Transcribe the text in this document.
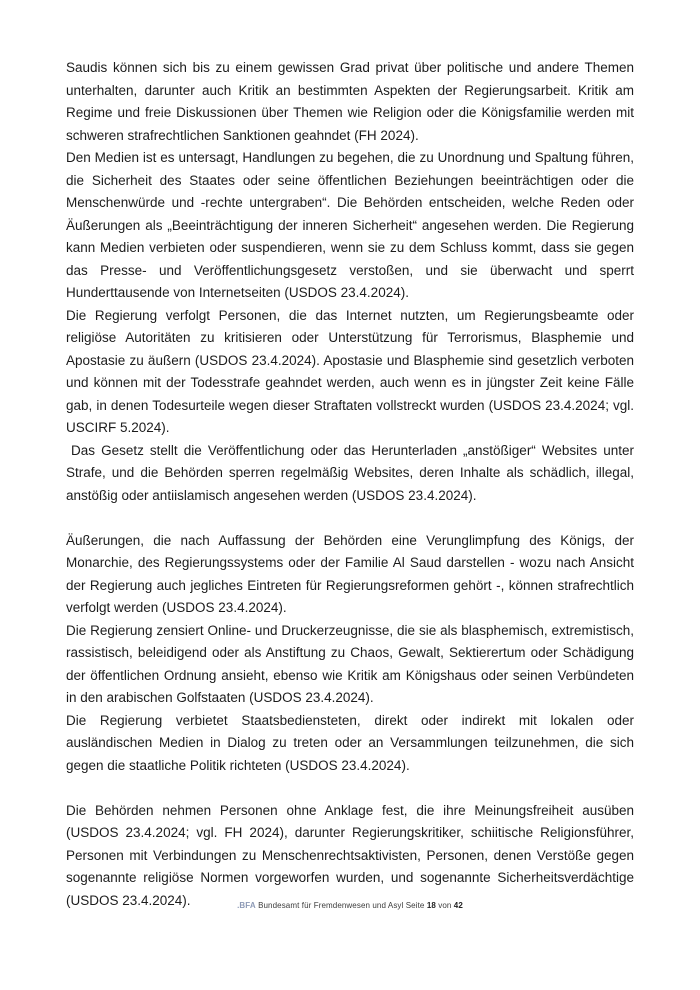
Saudis können sich bis zu einem gewissen Grad privat über politische und andere Themen unterhalten, darunter auch Kritik an bestimmten Aspekten der Regierungsarbeit. Kritik am Regime und freie Diskussionen über Themen wie Religion oder die Königsfamilie werden mit schweren strafrechtlichen Sanktionen geahndet (FH 2024).

Den Medien ist es untersagt, Handlungen zu begehen, die zu Unordnung und Spaltung führen, die Sicherheit des Staates oder seine öffentlichen Beziehungen beeinträchtigen oder die Menschenwürde und -rechte untergraben“. Die Behörden entscheiden, welche Reden oder Äußerungen als „Beeinträchtigung der inneren Sicherheit“ angesehen werden. Die Regierung kann Medien verbieten oder suspendieren, wenn sie zu dem Schluss kommt, dass sie gegen das Presse- und Veröffentlichungsgesetz verstoßen, und sie überwacht und sperrt Hunderttausende von Internetseiten (USDOS 23.4.2024).

Die Regierung verfolgt Personen, die das Internet nutzten, um Regierungsbeamte oder religiöse Autoritäten zu kritisieren oder Unterstützung für Terrorismus, Blasphemie und Apostasie zu äußern (USDOS 23.4.2024). Apostasie und Blasphemie sind gesetzlich verboten und können mit der Todesstrafe geahndet werden, auch wenn es in jüngster Zeit keine Fälle gab, in denen Todesurteile wegen dieser Straftaten vollstreckt wurden (USDOS 23.4.2024; vgl. USCIRF 5.2024).

Das Gesetz stellt die Veröffentlichung oder das Herunterladen „anstößiger“ Websites unter Strafe, und die Behörden sperren regelmäßig Websites, deren Inhalte als schädlich, illegal, anstößig oder antiislamisch angesehen werden (USDOS 23.4.2024).

Äußerungen, die nach Auffassung der Behörden eine Verunglimpfung des Königs, der Monarchie, des Regierungssystems oder der Familie Al Saud darstellen - wozu nach Ansicht der Regierung auch jegliches Eintreten für Regierungsreformen gehört -, können strafrechtlich verfolgt werden (USDOS 23.4.2024).

Die Regierung zensiert Online- und Druckerzeugnisse, die sie als blasphemisch, extremistisch, rassistisch, beleidigend oder als Anstiftung zu Chaos, Gewalt, Sektierertum oder Schädigung der öffentlichen Ordnung ansieht, ebenso wie Kritik am Königshaus oder seinen Verbündeten in den arabischen Golfstaaten (USDOS 23.4.2024).

Die Regierung verbietet Staatsbediensteten, direkt oder indirekt mit lokalen oder ausländischen Medien in Dialog zu treten oder an Versammlungen teilzunehmen, die sich gegen die staatliche Politik richteten (USDOS 23.4.2024).

Die Behörden nehmen Personen ohne Anklage fest, die ihre Meinungsfreiheit ausüben (USDOS 23.4.2024; vgl. FH 2024), darunter Regierungskritiker, schiitische Religionsführer, Personen mit Verbindungen zu Menschenrechtsaktivisten, Personen, denen Verstöße gegen sogenannte religiöse Normen vorgeworfen wurden, und sogenannte Sicherheitsverdächtige (USDOS 23.4.2024).	.BFA Bundesamt für Fremdenwesen und Asyl Seite 18 von 42
